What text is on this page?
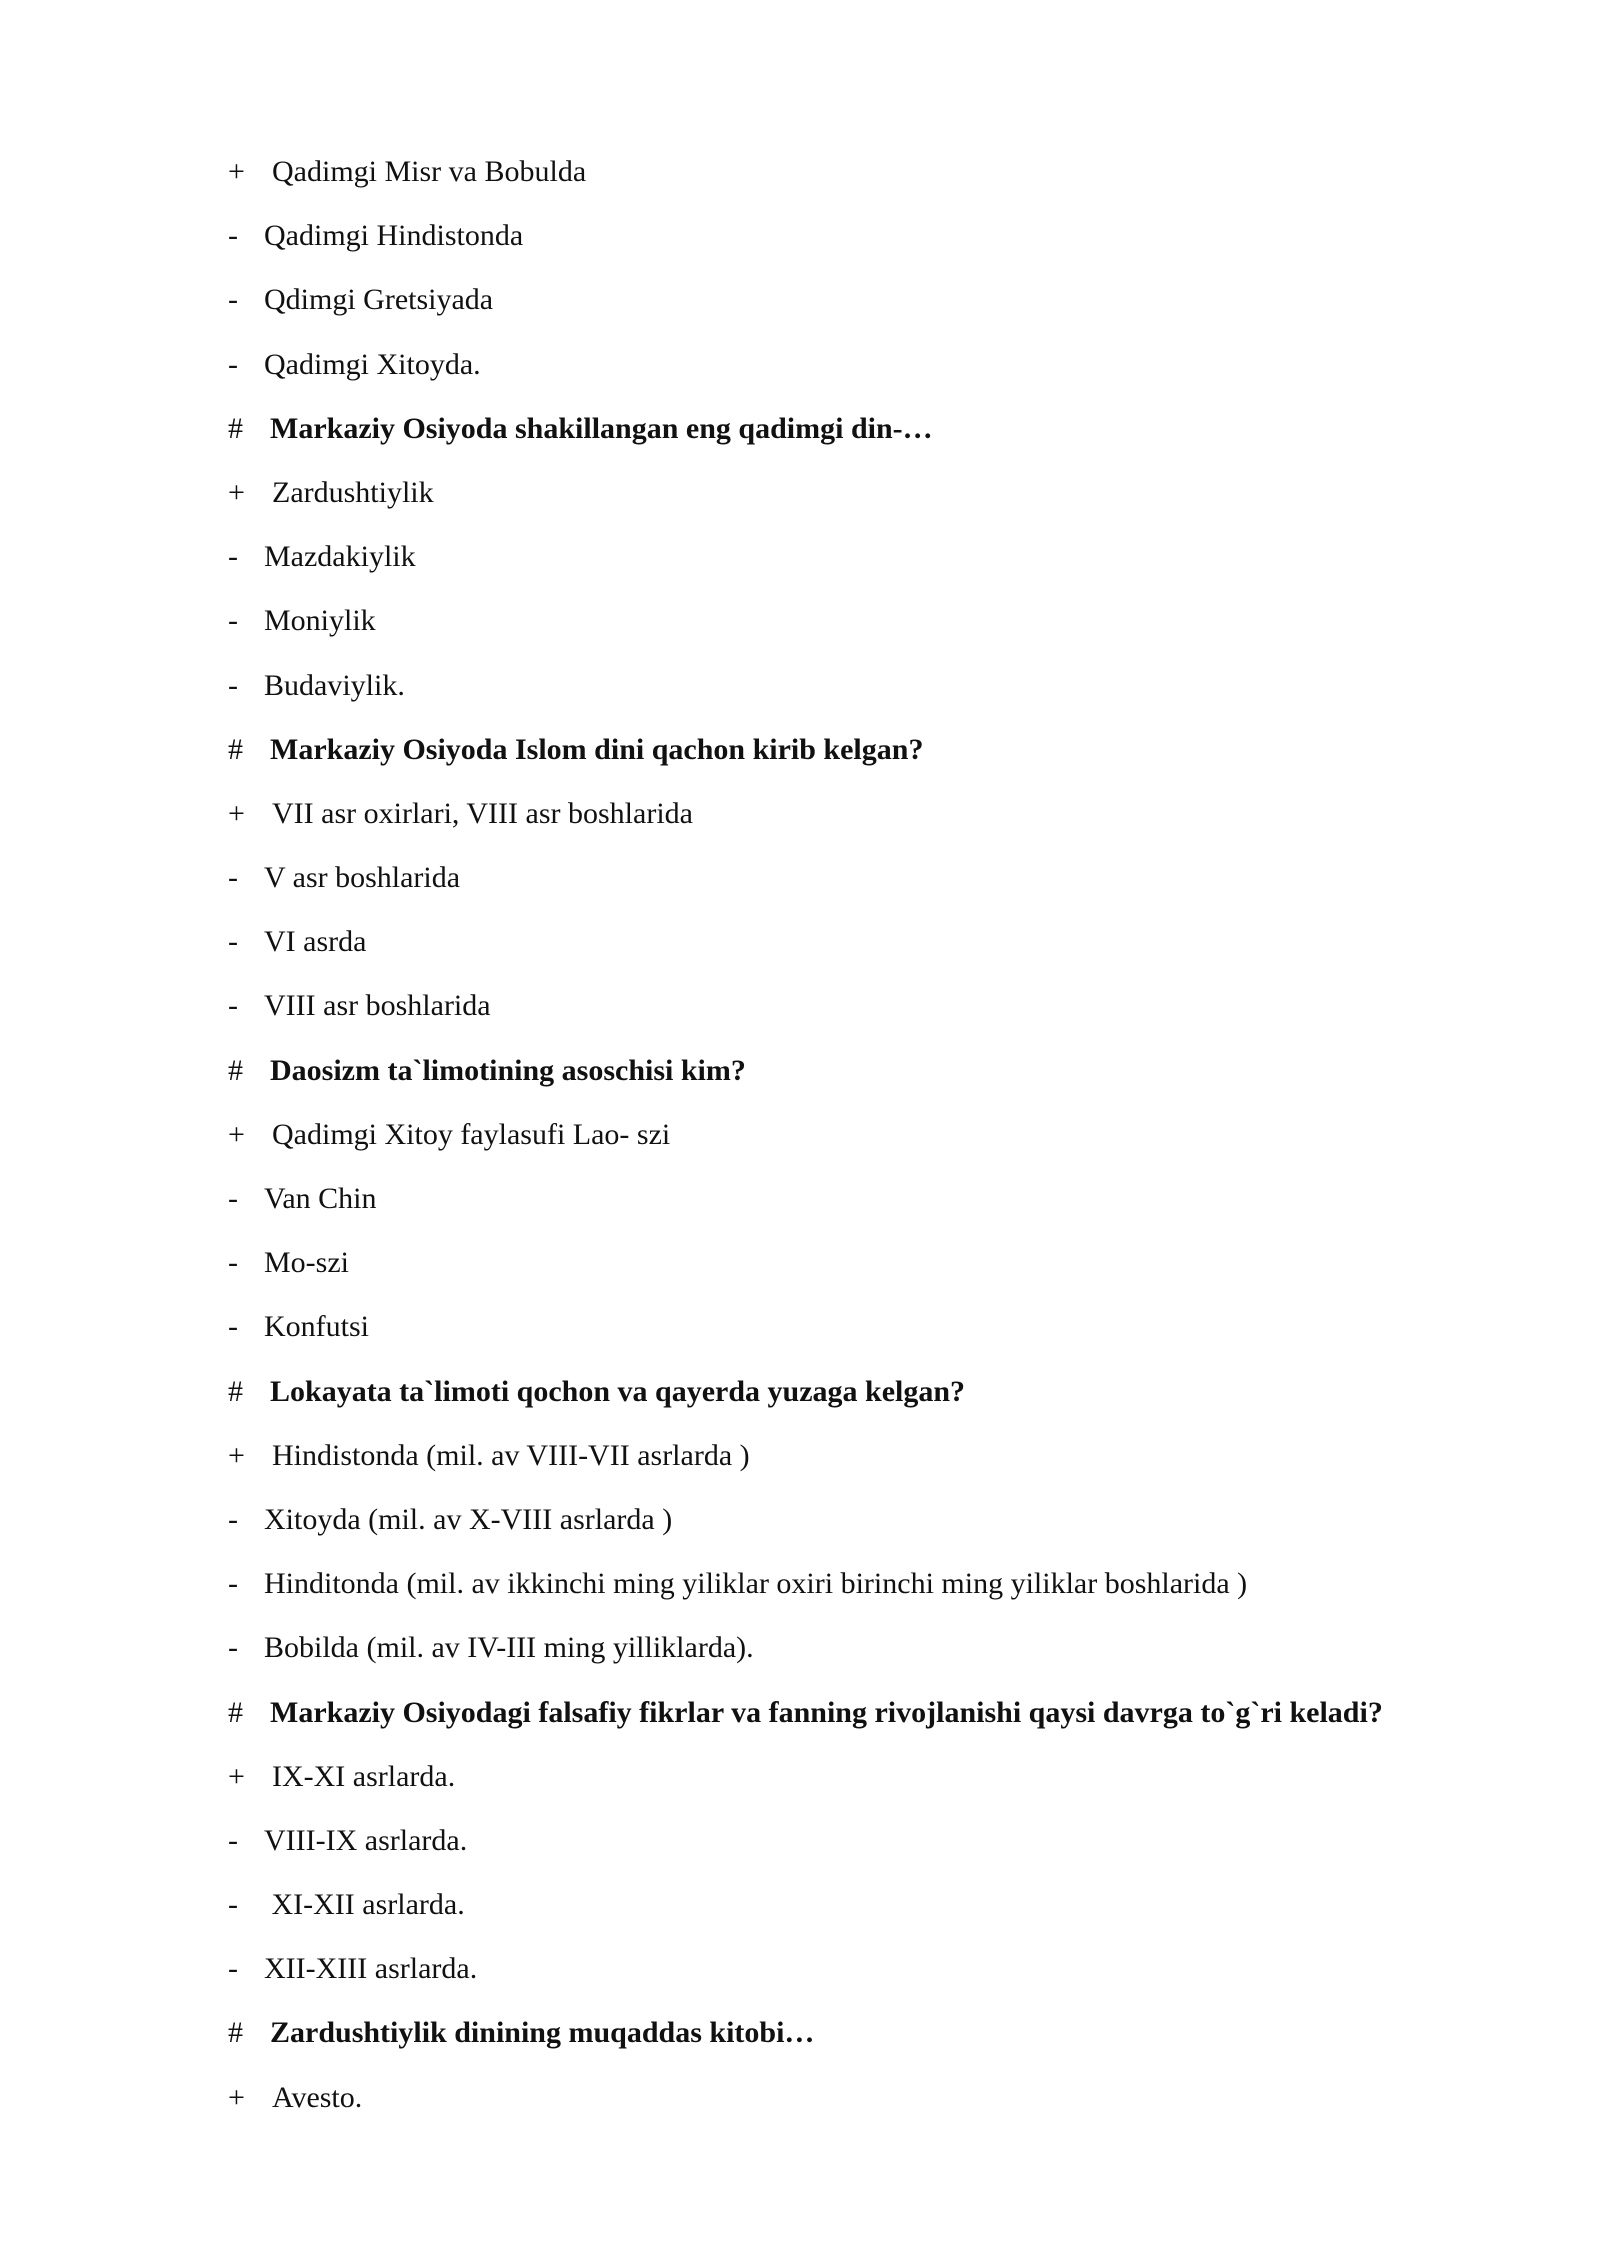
+ Qadimgi Misr va Bobulda
- Qadimgi Hindistonda
- Qdimgi Gretsiyada
- Qadimgi Xitoyda.
# Markaziy Osiyoda shakillangan eng qadimgi din-…
+ Zardushtiylik
- Mazdakiylik
- Moniylik
- Budaviylik.
# Markaziy Osiyoda Islom dini qachon kirib kelgan?
+ VII asr oxirlari, VIII asr boshlarida
- V asr boshlarida
- VI asrda
- VIII asr boshlarida
# Daosizm ta`limotining asoschisi kim?
+ Qadimgi Xitoy faylasufi Lao- szi
- Van Chin
- Mo-szi
- Konfutsi
# Lokayata ta`limoti qochon va qayerda yuzaga kelgan?
+ Hindistonda (mil. av VIII-VII asrlarda )
- Xitoyda (mil. av X-VIII asrlarda )
- Hinditonda (mil. av ikkinchi ming yiliklar oxiri birinchi ming yiliklar boshlarida )
- Bobilda (mil. av IV-III ming yilliklarda).
# Markaziy Osiyodagi falsafiy fikrlar va fanning rivojlanishi qaysi davrga to`g`ri keladi?
+ IX-XI asrlarda.
- VIII-IX asrlarda.
- XI-XII asrlarda.
- XII-XIII asrlarda.
# Zardushtiylik dinining muqaddas kitobi…
+ Avesto.
